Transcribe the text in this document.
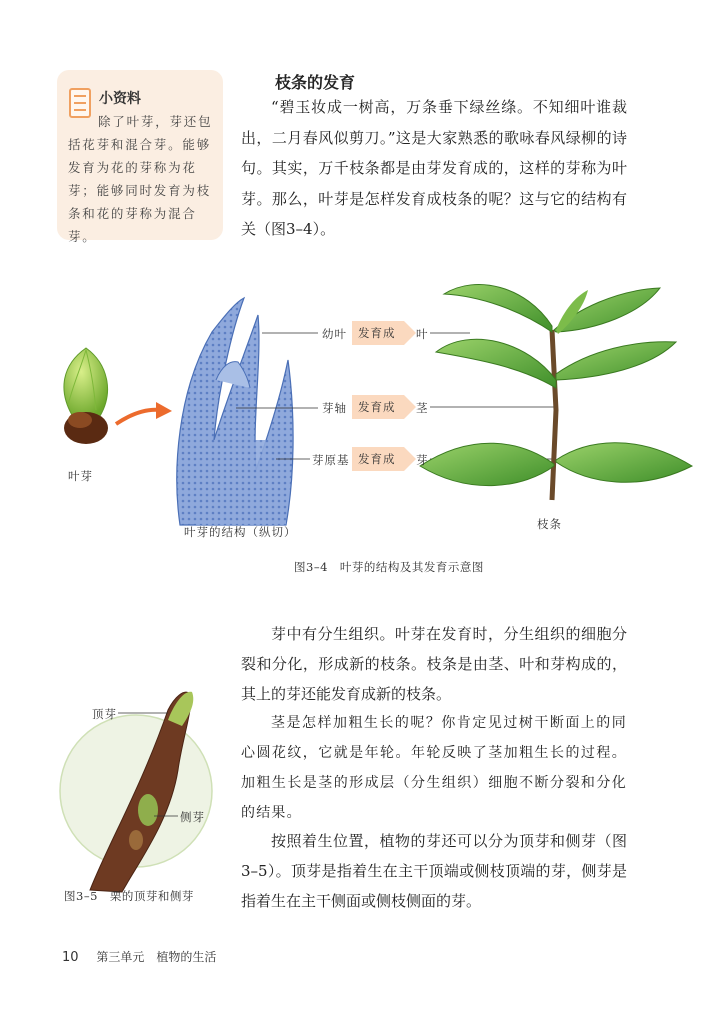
小资料
除了叶芽，芽还包括花芽和混合芽。能够发育为花的芽称为花芽；能够同时发育为枝条和花的芽称为混合芽。
枝条的发育
“碧玉妆成一树高，万条垂下绿丝绦。不知细叶谁裁出，二月春风似剪刀。”这是大家熟悉的歌咏春风绿柳的诗句。其实，万千枝条都是由芽发育成的，这样的芽称为叶芽。那么，叶芽是怎样发育成枝条的呢？这与它的结构有关（图3–4）。
叶芽
叶芽的结构（纵切）
枝条
幼叶 发育成	叶
芽轴 发育成	茎
芽原基 发育成	芽
图3–4　叶芽的结构及其发育示意图
芽中有分生组织。叶芽在发育时，分生组织的细胞分裂和分化，形成新的枝条。枝条是由茎、叶和芽构成的，其上的芽还能发育成新的枝条。
茎是怎样加粗生长的呢？你肯定见过树干断面上的同心圆花纹，它就是年轮。年轮反映了茎加粗生长的过程。加粗生长是茎的形成层（分生组织）细胞不断分裂和分化的结果。
按照着生位置，植物的芽还可以分为顶芽和侧芽（图3–5）。顶芽是指着生在主干顶端或侧枝顶端的芽，侧芽是指着生在主干侧面或侧枝侧面的芽。
顶芽
侧芽
图3–5　栗的顶芽和侧芽
10 第三单元　植物的生活
